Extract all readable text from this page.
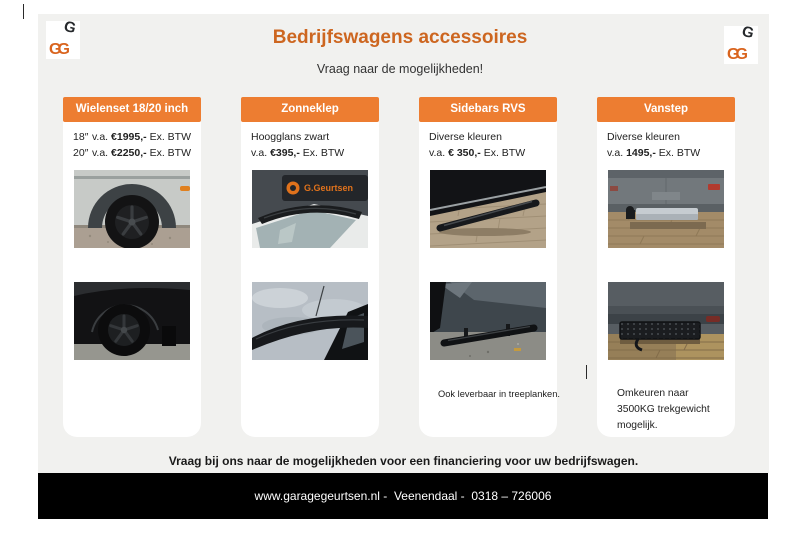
G
GG
G
GG
Bedrijfswagens accessoires
Vraag naar de mogelijkheden!
Wielenset 18/20 inch
18″ v.a. €1995,- Ex. BTW
20″ v.a. €2250,- Ex. BTW
Zonneklep
Hoogglans zwart
v.a. €395,- Ex. BTW
G.Geurtsen
Sidebars RVS
Diverse kleuren
v.a. € 350,- Ex. BTW
Ook leverbaar in treeplanken.
Vanstep
Diverse kleuren
v.a. 1495,- Ex. BTW
Omkeuren naar 3500KG trekgewicht mogelijk.
Vraag bij ons naar de mogelijkheden voor een financiering voor uw bedrijfswagen.
www.garagegeurtsen.nl -  Veenendaal -  0318 – 726006
